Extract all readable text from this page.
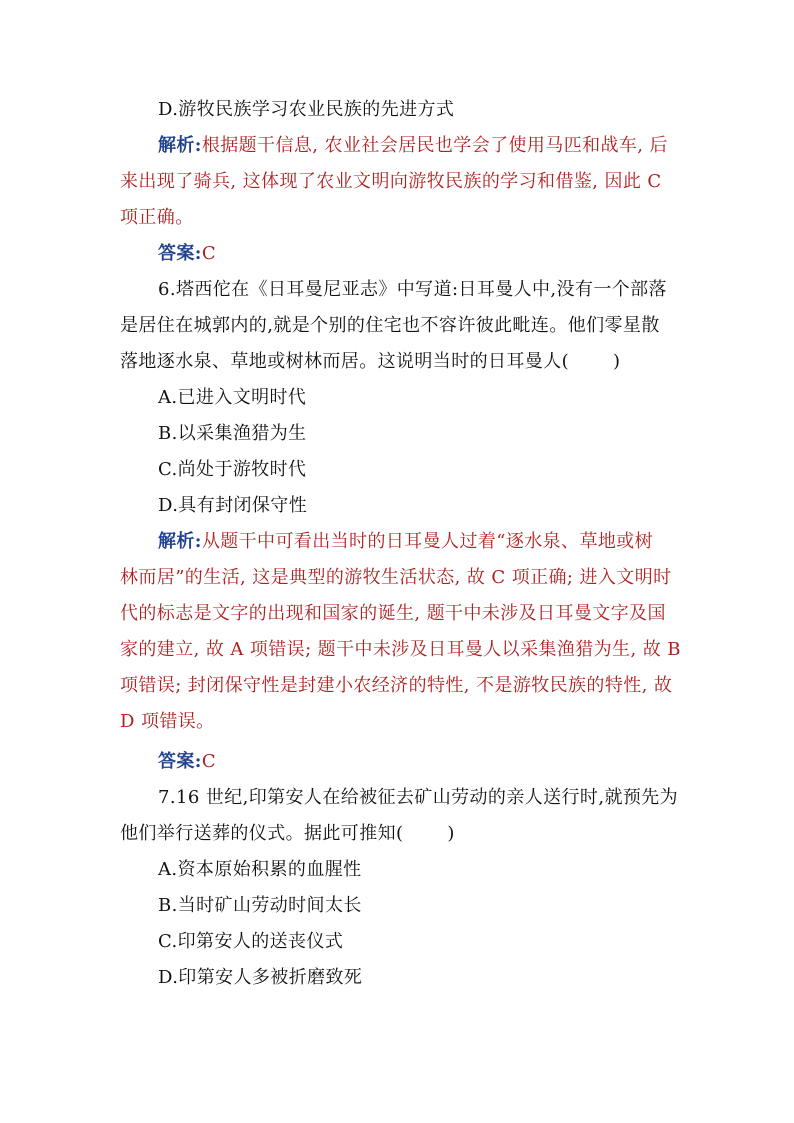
D.游牧民族学习农业民族的先进方式
解析:根据题干信息, 农业社会居民也学会了使用马匹和战车, 后
来出现了骑兵, 这体现了农业文明向游牧民族的学习和借鉴, 因此 C
项正确。
答案:C
6.塔西佗在《日耳曼尼亚志》中写道:日耳曼人中,没有一个部落
是居住在城郭内的,就是个别的住宅也不容许彼此毗连。他们零星散
落地逐水泉、草地或树林而居。这说明当时的日耳曼人( )
A.已进入文明时代
B.以采集渔猎为生
C.尚处于游牧时代
D.具有封闭保守性
解析:从题干中可看出当时的日耳曼人过着“逐水泉、草地或树
林而居”的生活, 这是典型的游牧生活状态, 故 C 项正确; 进入文明时
代的标志是文字的出现和国家的诞生, 题干中未涉及日耳曼文字及国
家的建立, 故 A 项错误; 题干中未涉及日耳曼人以采集渔猎为生, 故 B
项错误; 封闭保守性是封建小农经济的特性, 不是游牧民族的特性, 故
D 项错误。
答案:C
7.16 世纪,印第安人在给被征去矿山劳动的亲人送行时,就预先为
他们举行送葬的仪式。据此可推知( )
A.资本原始积累的血腥性
B.当时矿山劳动时间太长
C.印第安人的送丧仪式
D.印第安人多被折磨致死
